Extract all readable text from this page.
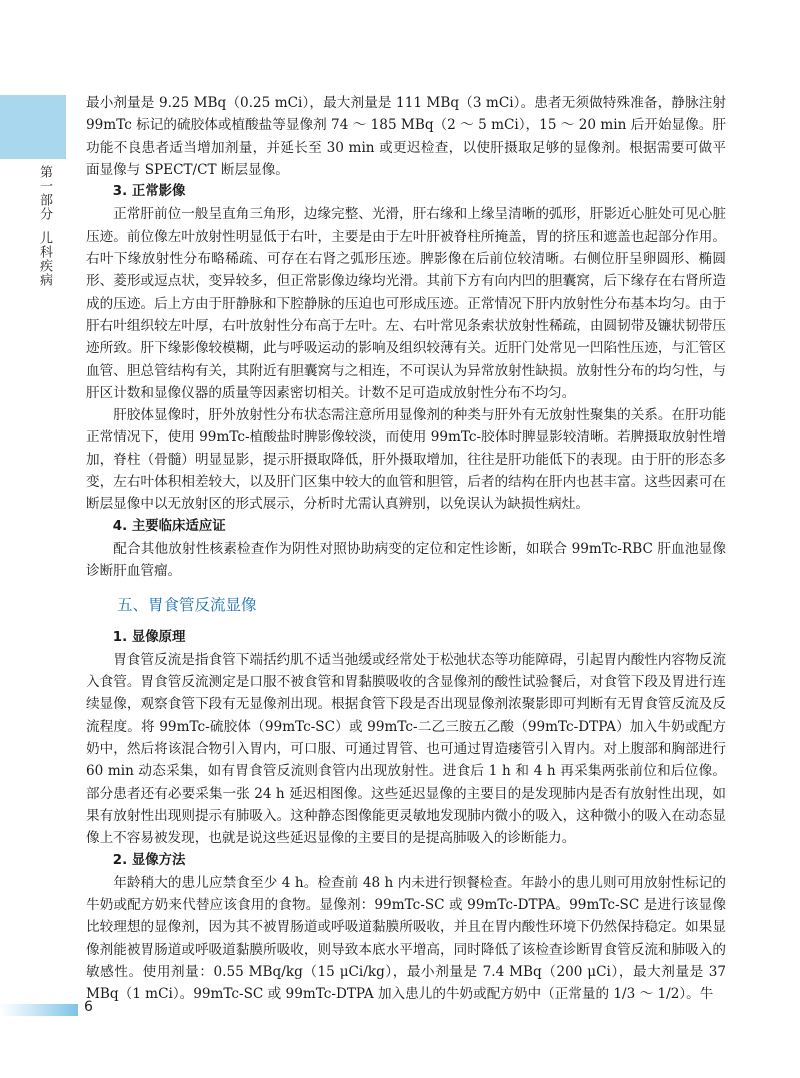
第一部分儿科疾病

最小剂量是 9.25 MBq（0.25 mCi），最大剂量是 111 MBq（3 mCi）。患者无须做特殊准备，静脉注射 99mTc 标记的硫胶体或植酸盐等显像剂 74 ～ 185 MBq（2 ～ 5 mCi），15 ～ 20 min 后开始显像。肝功能不良患者适当增加剂量，并延长至 30 min 或更迟检查，以使肝摄取足够的显像剂。根据需要可做平面显像与 SPECT/CT 断层显像。

3. 正常影像

正常肝前位一般呈直角三角形，边缘完整、光滑，肝右缘和上缘呈清晰的弧形，肝影近心脏处可见心脏压迹。前位像左叶放射性明显低于右叶，主要是由于左叶肝被脊柱所掩盖，胃的挤压和遮盖也起部分作用。右叶下缘放射性分布略稀疏、可存在右肾之弧形压迹。脾影像在后前位较清晰。右侧位肝呈卵圆形、椭圆形、菱形或逗点状，变异较多，但正常影像边缘均光滑。其前下方有向内凹的胆囊窝，后下缘存在右肾所造成的压迹。后上方由于肝静脉和下腔静脉的压迫也可形成压迹。正常情况下肝内放射性分布基本均匀。由于肝右叶组织较左叶厚，右叶放射性分布高于左叶。左、右叶常见条索状放射性稀疏，由圆韧带及镰状韧带压迹所致。肝下缘影像较模糊，此与呼吸运动的影响及组织较薄有关。近肝门处常见一凹陷性压迹，与汇管区血管、胆总管结构有关，其附近有胆囊窝与之相连，不可误认为异常放射性缺损。放射性分布的均匀性，与肝区计数和显像仪器的质量等因素密切相关。计数不足可造成放射性分布不均匀。

肝胶体显像时，肝外放射性分布状态需注意所用显像剂的种类与肝外有无放射性聚集的关系。在肝功能正常情况下，使用 99mTc-植酸盐时脾影像较淡，而使用 99mTc-胶体时脾显影较清晰。若脾摄取放射性增加，脊柱（骨髓）明显显影，提示肝摄取降低，肝外摄取增加，往往是肝功能低下的表现。由于肝的形态多变，左右叶体积相差较大，以及肝门区集中较大的血管和胆管，后者的结构在肝内也甚丰富。这些因素可在断层显像中以无放射区的形式展示，分析时尤需认真辨别，以免误认为缺损性病灶。

4. 主要临床适应证

配合其他放射性核素检查作为阴性对照协助病变的定位和定性诊断，如联合 99mTc-RBC 肝血池显像诊断肝血管瘤。

五、胃食管反流显像
1. 显像原理

胃食管反流是指食管下端括约肌不适当弛缓或经常处于松弛状态等功能障碍，引起胃内酸性内容物反流入食管。胃食管反流测定是口服不被食管和胃黏膜吸收的含显像剂的酸性试验餐后，对食管下段及胃进行连续显像，观察食管下段有无显像剂出现。根据食管下段是否出现显像剂浓聚影即可判断有无胃食管反流及反流程度。将 99mTc-硫胶体（99mTc-SC）或 99mTc-二乙三胺五乙酸（99mTc-DTPA）加入牛奶或配方奶中，然后将该混合物引入胃内，可口服、可通过胃管、也可通过胃造瘘管引入胃内。对上腹部和胸部进行 60 min 动态采集，如有胃食管反流则食管内出现放射性。进食后 1 h 和 4 h 再采集两张前位和后位像。部分患者还有必要采集一张 24 h 延迟相图像。这些延迟显像的主要目的是发现肺内是否有放射性出现，如果有放射性出现则提示有肺吸入。这种静态图像能更灵敏地发现肺内微小的吸入，这种微小的吸入在动态显像上不容易被发现，也就是说这些延迟显像的主要目的是提高肺吸入的诊断能力。

2. 显像方法

年龄稍大的患儿应禁食至少 4 h。检查前 48 h 内未进行钡餐检查。年龄小的患儿则可用放射性标记的牛奶或配方奶来代替应该食用的食物。显像剂：99mTc-SC 或 99mTc-DTPA。99mTc-SC 是进行该显像比较理想的显像剂，因为其不被胃肠道或呼吸道黏膜所吸收，并且在胃内酸性环境下仍然保持稳定。如果显像剂能被胃肠道或呼吸道黏膜所吸收，则导致本底水平增高，同时降低了该检查诊断胃食管反流和肺吸入的敏感性。使用剂量：0.55 MBq/kg（15 μCi/kg），最小剂量是 7.4 MBq（200 μCi），最大剂量是 37 MBq（1 mCi）。99mTc-SC 或 99mTc-DTPA 加入患儿的牛奶或配方奶中（正常量的 1/3 ～ 1/2）。牛

6
